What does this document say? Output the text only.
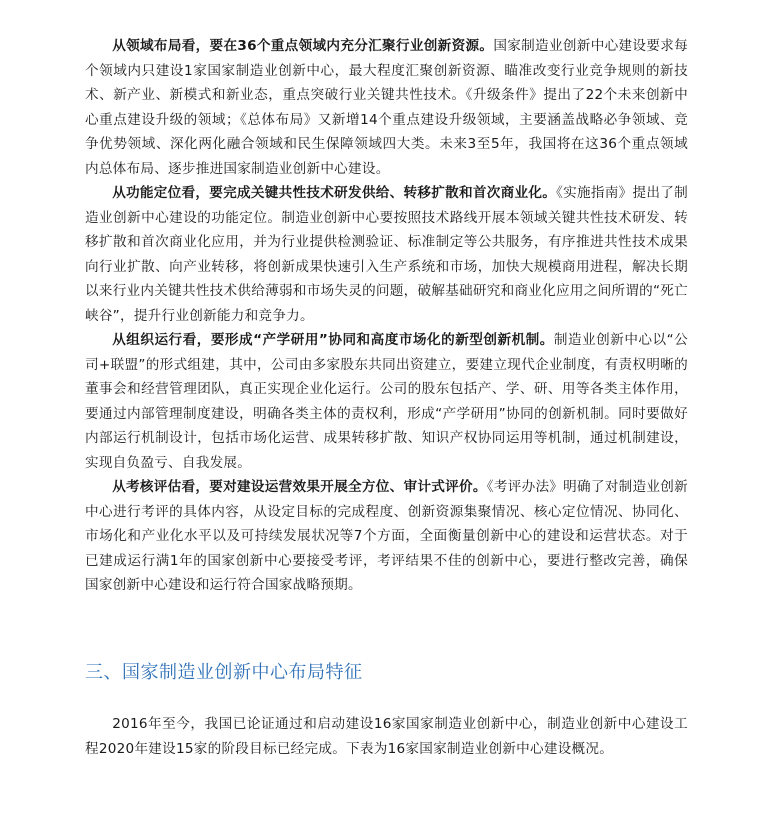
从领域布局看，要在36个重点领域内充分汇聚行业创新资源。国家制造业创新中心建设要求每个领域内只建设1家国家制造业创新中心，最大程度汇聚创新资源、瞄准改变行业竞争规则的新技术、新产业、新模式和新业态，重点突破行业关键共性技术。《升级条件》提出了22个未来创新中心重点建设升级的领域；《总体布局》又新增14个重点建设升级领域，主要涵盖战略必争领域、竞争优势领域、深化两化融合领域和民生保障领域四大类。未来3至5年，我国将在这36个重点领域内总体布局、逐步推进国家制造业创新中心建设。

从功能定位看，要完成关键共性技术研发供给、转移扩散和首次商业化。《实施指南》提出了制造业创新中心建设的功能定位。制造业创新中心要按照技术路线开展本领域关键共性技术研发、转移扩散和首次商业化应用，并为行业提供检测验证、标准制定等公共服务，有序推进共性技术成果向行业扩散、向产业转移，将创新成果快速引入生产系统和市场，加快大规模商用进程，解决长期以来行业内关键共性技术供给薄弱和市场失灵的问题，破解基础研究和商业化应用之间所谓的“死亡峡谷”，提升行业创新能力和竞争力。

从组织运行看，要形成“产学研用”协同和高度市场化的新型创新机制。制造业创新中心以“公司+联盟”的形式组建，其中，公司由多家股东共同出资建立，要建立现代企业制度，有责权明晰的董事会和经营管理团队，真正实现企业化运行。公司的股东包括产、学、研、用等各类主体作用，要通过内部管理制度建设，明确各类主体的责权利，形成“产学研用”协同的创新机制。同时要做好内部运行机制设计，包括市场化运营、成果转移扩散、知识产权协同运用等机制，通过机制建设，实现自负盈亏、自我发展。

从考核评估看，要对建设运营效果开展全方位、审计式评价。《考评办法》明确了对制造业创新中心进行考评的具体内容，从设定目标的完成程度、创新资源集聚情况、核心定位情况、协同化、市场化和产业化水平以及可持续发展状况等7个方面，全面衡量创新中心的建设和运营状态。对于已建成运行满1年的国家创新中心要接受考评，考评结果不佳的创新中心，要进行整改完善，确保国家创新中心建设和运行符合国家战略预期。

三、国家制造业创新中心布局特征

2016年至今，我国已论证通过和启动建设16家国家制造业创新中心，制造业创新中心建设工程2020年建设15家的阶段目标已经完成。下表为16家国家制造业创新中心建设概况。
